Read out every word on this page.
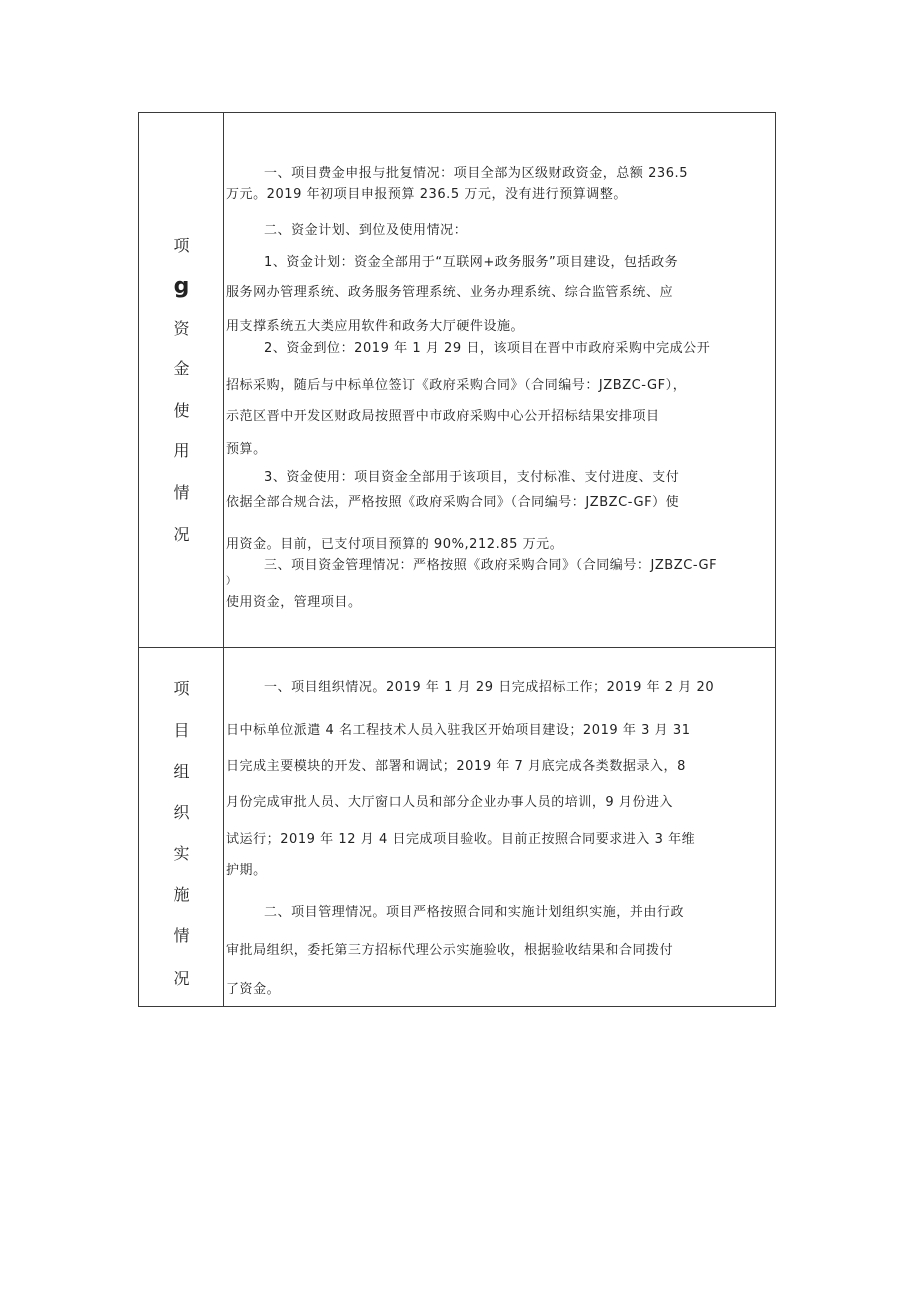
项
g
资
金
使
用
情
况
一、项目费金申报与批复情况：项目全部为区级财政资金，总额 236.5
万元。2019 年初项目申报预算 236.5 万元，没有进行预算调整。
二、资金计划、到位及使用情况：
1、资金计划：资金全部用于“互联网+政务服务”项目建设，包括政务
服务网办管理系统、政务服务管理系统、业务办理系统、综合监管系统、应
用支撑系统五大类应用软件和政务大厅硬件设施。
2、资金到位：2019 年 1 月 29 日，该项目在晋中市政府采购中完成公开
招标采购，随后与中标单位签订《政府采购合同》（合同编号：JZBZC-GF），
示范区晋中开发区财政局按照晋中市政府采购中心公开招标结果安排项目
预算。
3、资金使用：项目资金全部用于该项目，支付标准、支付进度、支付
依据全部合规合法，严格按照《政府采购合同》（合同编号：JZBZC-GF）使
用资金。目前，已支付项目预算的 90%,212.85 万元。
三、项目资金管理情况：严格按照《政府采购合同》（合同编号：JZBZC-GF
）
使用资金，管理项目。
项
目
组
织
实
施
情
况
一、项目组织情况。2019 年 1 月 29 日完成招标工作；2019 年 2 月 20
日中标单位派遣 4 名工程技术人员入驻我区开始项目建设；2019 年 3 月 31
日完成主要模块的开发、部署和调试；2019 年 7 月底完成各类数据录入，8
月份完成审批人员、大厅窗口人员和部分企业办事人员的培训，9 月份进入
试运行；2019 年 12 月 4 日完成项目验收。目前正按照合同要求进入 3 年维
护期。
二、项目管理情况。项目严格按照合同和实施计划组织实施，并由行政
审批局组织，委托第三方招标代理公示实施验收，根据验收结果和合同拨付
了资金。
